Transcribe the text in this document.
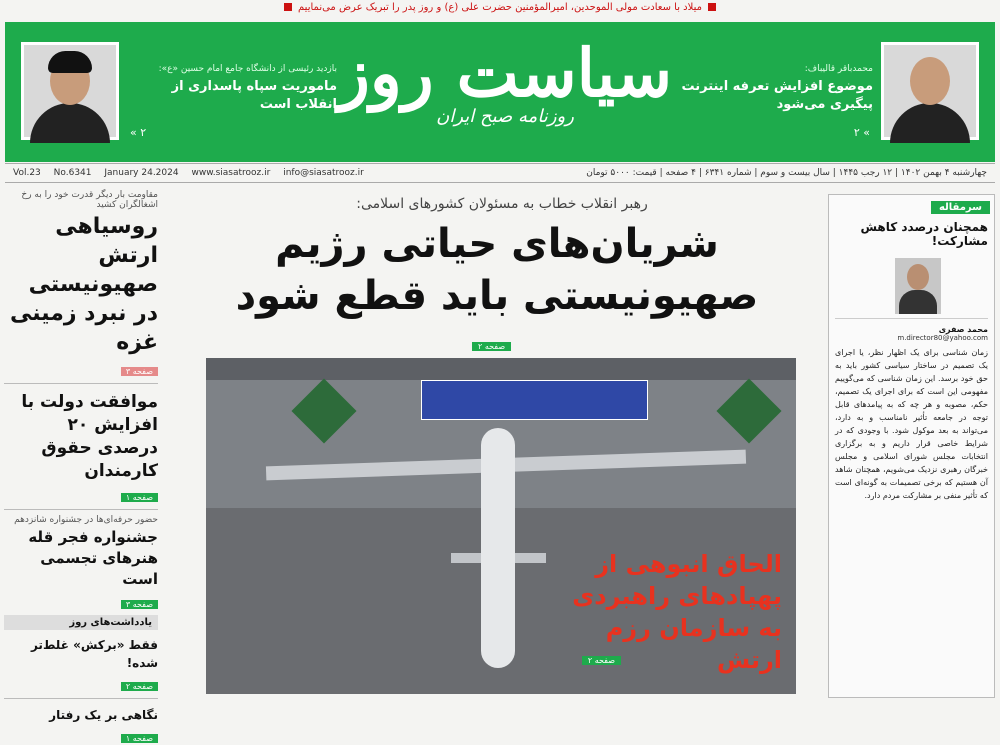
میلاد با سعادت مولی الموحدین، امیرالمؤمنین حضرت علی (ع) و روز پدر را تبریک عرض می‌نماییم
محمدباقر قالیباف:
موضوع افزایش تعرفه اینترنت پیگیری می‌شود
۲ «
سیاست روز
روزنامه صبح ایران
بازدید رئیسی از دانشگاه جامع امام حسین «ع»:
ماموریت سپاه پاسداری از انقلاب است
« ۲
چهارشنبه ۴ بهمن ۱۴۰۲ | ۱۲ رجب ۱۴۴۵ | سال بیست و سوم | شماره ۶۳۴۱ | ۴ صفحه | قیمت: ۵۰۰۰ تومان
Vol.23 No.6341 January 24.2024 www.siasatrooz.ir info@siasatrooz.ir
مقاومت بار دیگر قدرت خود را به رخ اشغالگران کشید
روسیاهی ارتش صهیونیستی در نبرد زمینی غزه
صفحه ۳
موافقت دولت با افزایش ۲۰ درصدی حقوق کارمندان
صفحه ۱
حضور حرفه‌ای‌ها در جشنواره شانزدهم
جشنواره فجر قله هنرهای تجسمی است
صفحه ۳
یادداشت‌های روز
فقط «برکش» غلط‌تر شده!
صفحه ۲
نگاهی بر یک رفتار
صفحه ۱
رهبر انقلاب خطاب به مسئولان کشورهای اسلامی:
شریان‌های حیاتی رژیم صهیونیستی باید قطع شود
صفحه ۲
الحاق انبوهی از پهپادهای راهبردی به سازمان رزم ارتش
صفحه ۲
سرمقاله
همچنان درصدد کاهش مشارکت!
محمد صفری
m.director80@yahoo.com
زمان شناسی برای یک اظهار نظر، یا اجرای یک تصمیم در ساختار سیاسی کشور باید به حق خود برسد. این زمان شناسی که می‌گوییم مفهومی این است که برای اجرای یک تصمیم، حکم، مصوبه و هر چه که به پیامدهای قابل توجه در جامعه تأثیر نامناسب و به دارد، می‌تواند به بعد موکول شود. با وجودی که در شرایط خاصی قرار داریم و به برگزاری انتخابات مجلس شورای اسلامی و مجلس خبرگان رهبری نزدیک می‌شویم، همچنان شاهد آن هستیم که برخی تصمیمات به گونه‌ای است که تأثیر منفی بر مشارکت مردم دارد.
